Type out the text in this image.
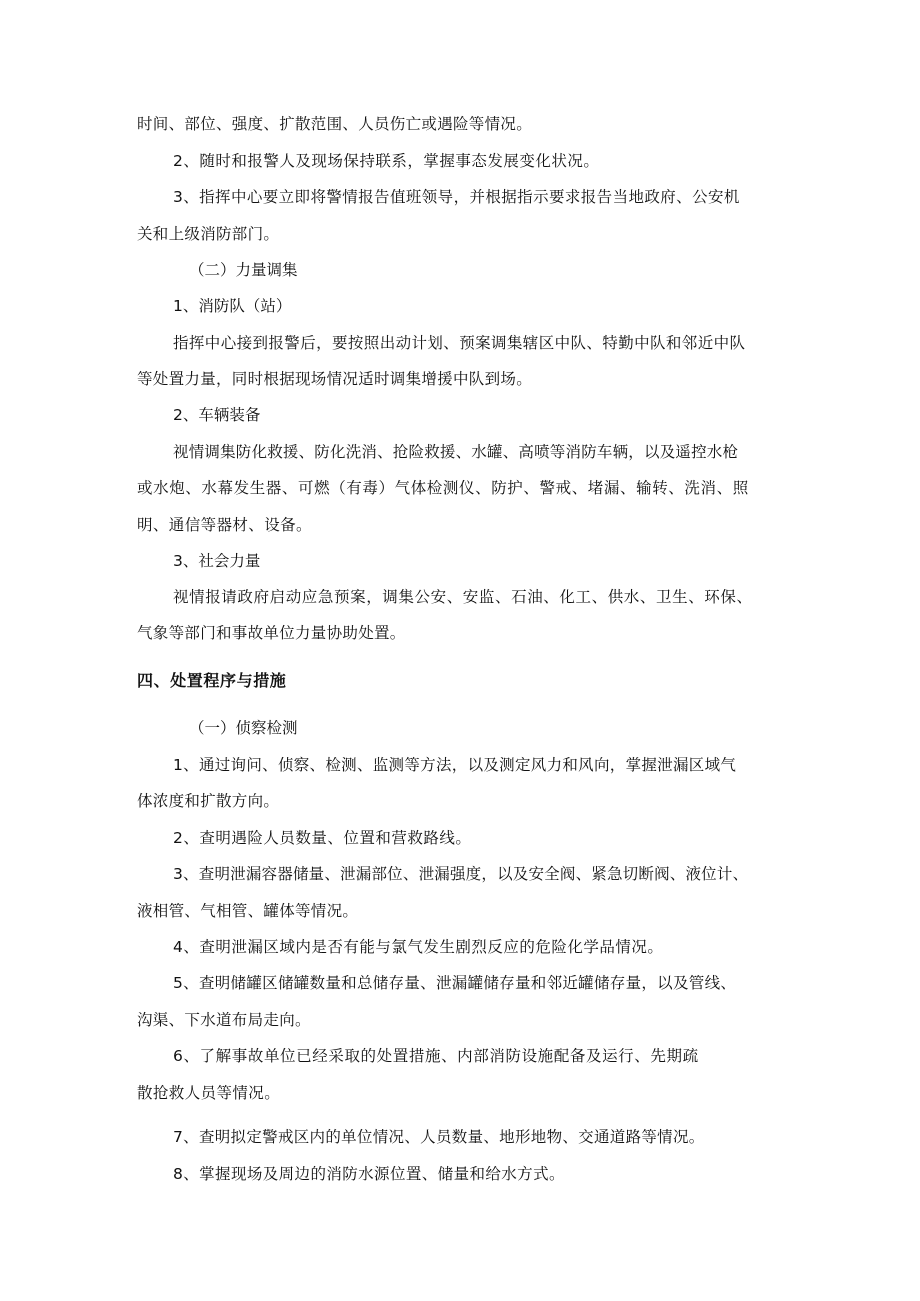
时间、部位、强度、扩散范围、人员伤亡或遇险等情况。

2、随时和报警人及现场保持联系，掌握事态发展变化状况。

3、指挥中心要立即将警情报告值班领导，并根据指示要求报告当地政府、公安机

关和上级消防部门。

（二）力量调集

1、消防队（站）

指挥中心接到报警后，要按照出动计划、预案调集辖区中队、特勤中队和邻近中队

等处置力量，同时根据现场情况适时调集增援中队到场。

2、车辆装备

视情调集防化救援、防化洗消、抢险救援、水罐、高喷等消防车辆，以及遥控水枪

或水炮、水幕发生器、可燃（有毒）气体检测仪、防护、警戒、堵漏、输转、洗消、照

明、通信等器材、设备。

3、社会力量

视情报请政府启动应急预案，调集公安、安监、石油、化工、供水、卫生、环保、

气象等部门和事故单位力量协助处置。

四、处置程序与措施

（一）侦察检测

1、通过询问、侦察、检测、监测等方法，以及测定风力和风向，掌握泄漏区域气

体浓度和扩散方向。

2、查明遇险人员数量、位置和营救路线。

3、查明泄漏容器储量、泄漏部位、泄漏强度，以及安全阀、紧急切断阀、液位计、

液相管、气相管、罐体等情况。

4、查明泄漏区域内是否有能与氯气发生剧烈反应的危险化学品情况。

5、查明储罐区储罐数量和总储存量、泄漏罐储存量和邻近罐储存量，以及管线、

沟渠、下水道布局走向。

6、了解事故单位已经采取的处置措施、内部消防设施配备及运行、先期疏

散抢救人员等情况。

7、查明拟定警戒区内的单位情况、人员数量、地形地物、交通道路等情况。

8、掌握现场及周边的消防水源位置、储量和给水方式。
